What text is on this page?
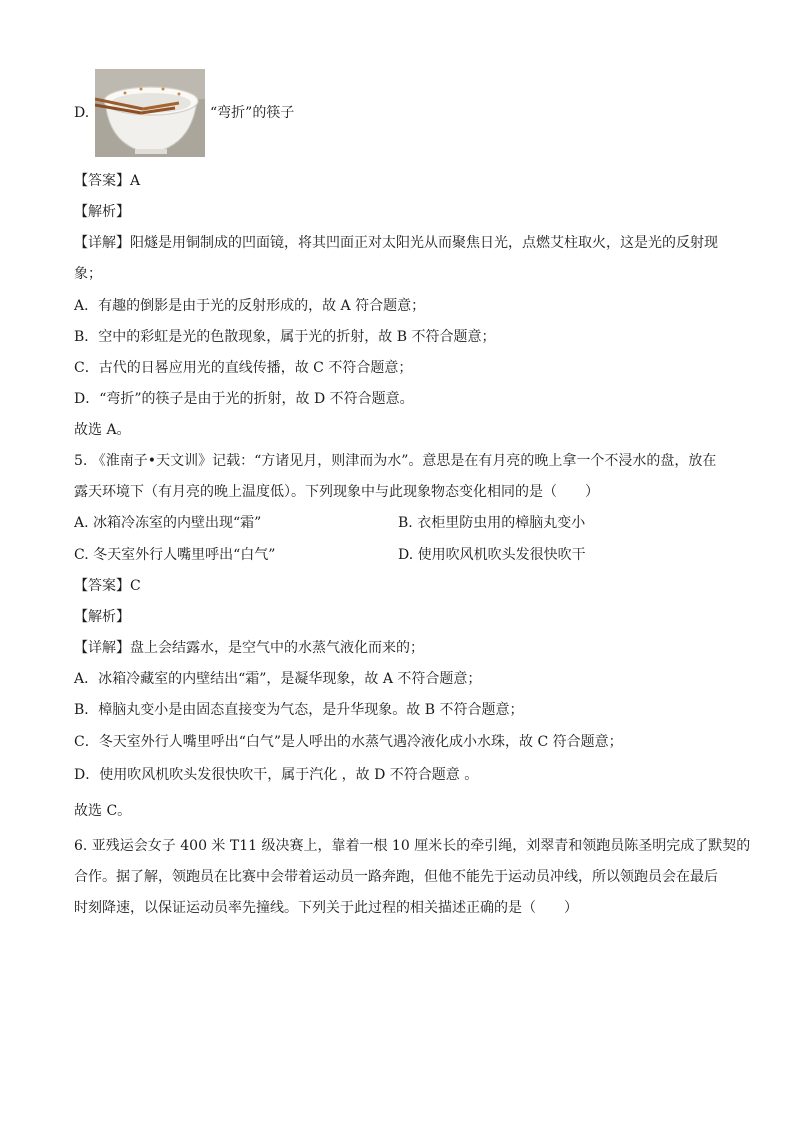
D.	“弯折”的筷子
【答案】A
【解析】
【详解】阳燧是用铜制成的凹面镜，将其凹面正对太阳光从而聚焦日光，点燃艾柱取火，这是光的反射现
象；
A．有趣的倒影是由于光的反射形成的，故 A 符合题意；
B．空中的彩虹是光的色散现象，属于光的折射，故 B 不符合题意；
C．古代的日晷应用光的直线传播，故 C 不符合题意；
D．“弯折”的筷子是由于光的折射，故 D 不符合题意。
故选 A。
5. 《淮南子•天文训》记载：“方诸见月，则津而为水”。意思是在有月亮的晚上拿一个不浸水的盘，放在
露天环境下（有月亮的晚上温度低）。下列现象中与此现象物态变化相同的是（　　）
A. 冰箱冷冻室的内壁出现“霜”	B. 衣柜里防虫用的樟脑丸变小
C. 冬天室外行人嘴里呼出“白气”	D. 使用吹风机吹头发很快吹干
【答案】C
【解析】
【详解】盘上会结露水，是空气中的水蒸气液化而来的；
A．冰箱冷藏室的内壁结出“霜”，是凝华现象，故 A 不符合题意；
B．樟脑丸变小是由固态直接变为气态，是升华现象。故 B 不符合题意；
C．冬天室外行人嘴里呼出“白气”是人呼出的水蒸气遇冷液化成小水珠，故 C 符合题意；
D．使用吹风机吹头发很快吹干，属于汽化 ，故 D 不符合题意 。
故选 C。
6. 亚残运会女子 400 米 T11 级决赛上，靠着一根 10 厘米长的牵引绳，刘翠青和领跑员陈圣明完成了默契的
合作。据了解，领跑员在比赛中会带着运动员一路奔跑，但他不能先于运动员冲线，所以领跑员会在最后
时刻降速，以保证运动员率先撞线。下列关于此过程的相关描述正确的是（　　）
